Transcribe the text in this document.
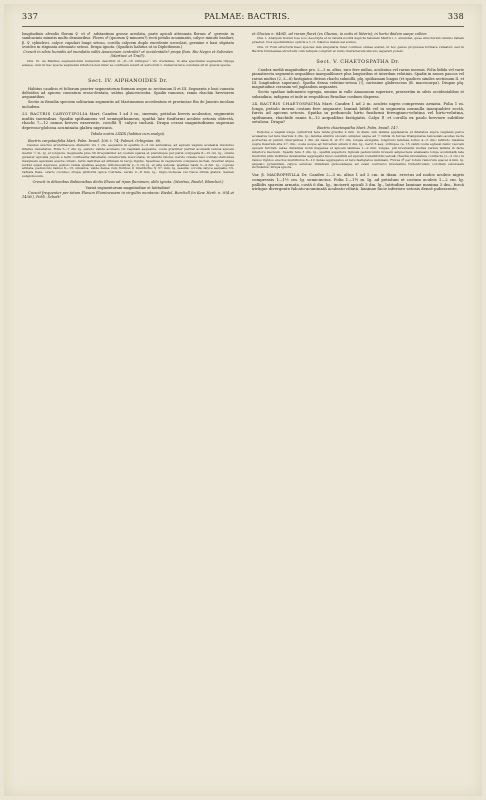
337	PALMAE: BACTRIS.	338

longitudinis alveolis florum ♀ et ♂ adstantium grosse areolata, parte apicali attenuata florum ♂ gerente in sambucinis minutis multo densioribus. Flores ♂ (quorum ♀ minores?) recti petalis acuminatis, calyce minute basilari; β. ♀ cylindrici, calyce cupulari longe setoso, corolla calycem duplo excedente urceolari, germine e basi stipitata ovoideo in stigmata attenuato setoso. Drupa ignota. (Spadicis habitus ut in Diplothemio.)

Crescit in silvis humidis ad inundatio vallis Amazonum centralis? et occidentalis? prope flum. Rio Negro et Solimões (Martius! et Trail!).

Obs. Cl. de Martius segmentorum numerum describit ut „8—10 utrinque“; vix credamus, in alla specimina segmenta trijuga adesse, cum in hac specie segmenta inferiora non infer se confluere solent et servorum I. numerus fere constans sit in quavis specie.

Sect. IV. AIPHANOIDES Dr.

Habitus caudicis et foliorum praeter segmentorum formam aeque ac sectionum II et III. Segmenta e basi cuneata deltoidea ad apicem cuneatum eroso-dentata, subtus glaucescentia. Spadix ramosus, ramis rhachin breviorem aequantibus.

Sectio in Brasilia speciem solitariam segmentis ad Martinezium accedentem et provinciae Rio de Janeiro incolam includens.

23. BACTRIS CARYOTIFOLIA Mart. Candex 1 ad 3 m., inermis; petiolus brevis aculeatus, segmentis multis inermibus. Spadix spithameus vel semispithameus, spathā late fusiformi aculeis setosis obtectā, rhachi 7—12 ramos breves exserente, corollā ♀ calyce inclusā. Drupa cerasi magnitudinem superans depresso-globosa acuminata glabra nigricans.

Tabula nostra LXXIX (habitus cum analysi).

Bactris caryotaefolia Mart. Palm. brasil. 106. t. 74; Palmet. Orbignian. 66.

Caudex erectus arundinaceus diametro vix 1 cm. aequante in spathis 2—3 cm annulatus, ad apicem vaginis aculeatis involutus inferne denudatus. Folia 5—7 dm. lg. petiolo valide aculeato vix vaginam aequante, costa graciliter pariter aculeatā versus apicem inermi ½ m. lg. et longiore. Segmenta plus 30 irregulariter ad costam sparsa et plerumque per paria conjugata 8—15 cm. lg., omnia (praeter apicalia jugum e terni confluenta flabellata) cuneiformia mucronata, in ambitu biloba, nervis crassis basi connato-deltoidea marginem apicalem exacte ornato, terni dentibus ad ultimam in tergo rigidis. Spadices in vaginorum complexu inclusi, breviter atque leviter quasi depressi, petiolo ramis spathae aequis, inflorescentiis 2—3 cm lg. et alte setosis; spathae basis 3—4 dm. lg., copiose armata, pedunculo ramos 6—13, sinuatos, valde dense cum floribus ♀ interdictis; ♀ 3½ mm. lg. sessilis; corolla calyce aequalis, tri-radiata fissa, ovario ovoideo; drupa piriformi apice rostrata, versis 2—8 mm. lg., nigro-violacea vel fusca nitida glabra. Semen subglobosum.

Crescit in ditionibus Bahiensibus dictis Ilheos ad ripas fluminum, alibi ignota. (Martius, Riedel, Blanchet.)

Variat segmentorum magnitudine et latitudine!

Crescit frequenter per totum Flavum Flumineusem in virgultis montanis: Riedel, Burchell (in Kew. Herb. n. 934 et 1436!), Pohl!, Schott!

et Glaziou n. 8494!, ad rurum floret (ex Glaziou, in notis et litteris); in horto ibidem saepe cultior.

Obs. I. Analysin florum bee loco descripta et in tabulā nostrā depicta tabulam Martii l. c. enumdat, quae structuram omnino faham praebet. Nos speciminibus opticis a v. cl. Glaziou missis sal somus.

Obs. II. Folii structurā haec species tam singularis inter confines omnes exstat, ut hoc genus propterea formare videatur; sed in Bactris Drudeanae structurā cum reliquis congruit et nullo characterem sincero separari potest.

Sect. V. CHAETOSPATHA Dr.

Caudex mediā magnitudine pro. 2—3 m. altus, raro fere nullus, aculeatus vel rarius inermis. Folia bifida vel varie pinnatisecta segmentis aequalibus inaequalibusve plus longioribus et interdum velutinis. Spadix in ramos paucos vel rarius multos (2, 3—8) fastigiatos divisus rhachi subnullā, plq. spithamam longus (et spadices similes sectionum II. et III. longitudine superans). Spatha densa velutino-setosa (!), rarissime glabrescens (B. macrocarpa). Drupae plq. magnitudine cerasum vel juglandem aequantes.

Sectio spathae indumento egregia, omnino in valle Amazonum superiore, praesertim in silvis occidentalibus et subandinis, indigena et inde in respublicas Brasiliae confines dispersa.

24. BACTRIS CHAETOSPATHA Mart. Candex 1 ad 2 m. aculeis nigris compressis armata. Folia 1 m. longa, petiolo inermi costam fere aequante, laminā bifidā vel in segmenta nonnulla inaequaliter sectā, furcis ad apicem setosis. Spatha in pedunculo hirto fusiformi ferrugineo-velutina vel hirto-velutina, spithamea, rhachide ramis 8—12 aequalibus fastigiatis. Calyx ♀ et corolla ex paulo breviore subtilior setulosa. Drupa?

Bactris chaetospatha Mart. Palm. brasil. 147.

Petiolus e vaginā longe cylindricā fere tanta gracilis 2 mm. in diam. sub lamina applanatus et dilatatus supra vaginam parce aculeatus vel fere inermis 2 dm. lg.; lamina ambitu obovato simplex usque ad ½ bifida in furcas triangulares lanceolato-acutas recte porrectas et parum divergentes 1 dm. ad basis lt. et 3½ dm. longas elongata; longitudo laminae totius 4—5 dm.; latitudo maxima supra fissuram sita 2½ dm.; costa usque ad furcarum sinum 2 dm. lg., nervi 6 aeq. utrinque ca. 15 calidi costa egressi deinc vaccam apicem fulcrati; setae distantes nonn magenes et apicem laminae 1—2 mm. longae, pili brevissimi molles versus lamina in facie inferiore fascuum. Spadix fere 3 dm. lg., spathā superiore lignosā pedunculum brevem amplectens anabeans longe acuminatā late fusiformi pilis mollibus densissime aggregatis fusco-velutinā ad apicem rostelliformi setosā; rhachis brevissima contracta (1—2 cm.) in ramos rigidos erectos multifloros 8—12 dense aggregatos et fere fastigiatos summam. Flores ♂ per totum ramorum spacei 4 mm. lg. angusto pyramidali, calyce setuloso dimidiam globosamque ad ovam contracto brevissime tridenticulato corollam setulosam includente. Drupa ignota.

Var. β. MACROPHYLLA Dr. Candex 2—3 m. altus 1 ad 2 cm. in diam. erectus ad nodos aculeis nigris compressis 1—1½ cm. lg. semicinctus. Folia 1—1½ m. lg. ad petiolum et costam aculeis 1—2 cm. lg. pallidis sparsim armata, costā 6 dm. lg., inciserā apicali 3 dm. lg., latitudine laminae maxima 3 dm., furcā utrāque divergente falcato-acuminatā aculeato-ciliatā, laminae facie inferiore setosis densē pubescente,
